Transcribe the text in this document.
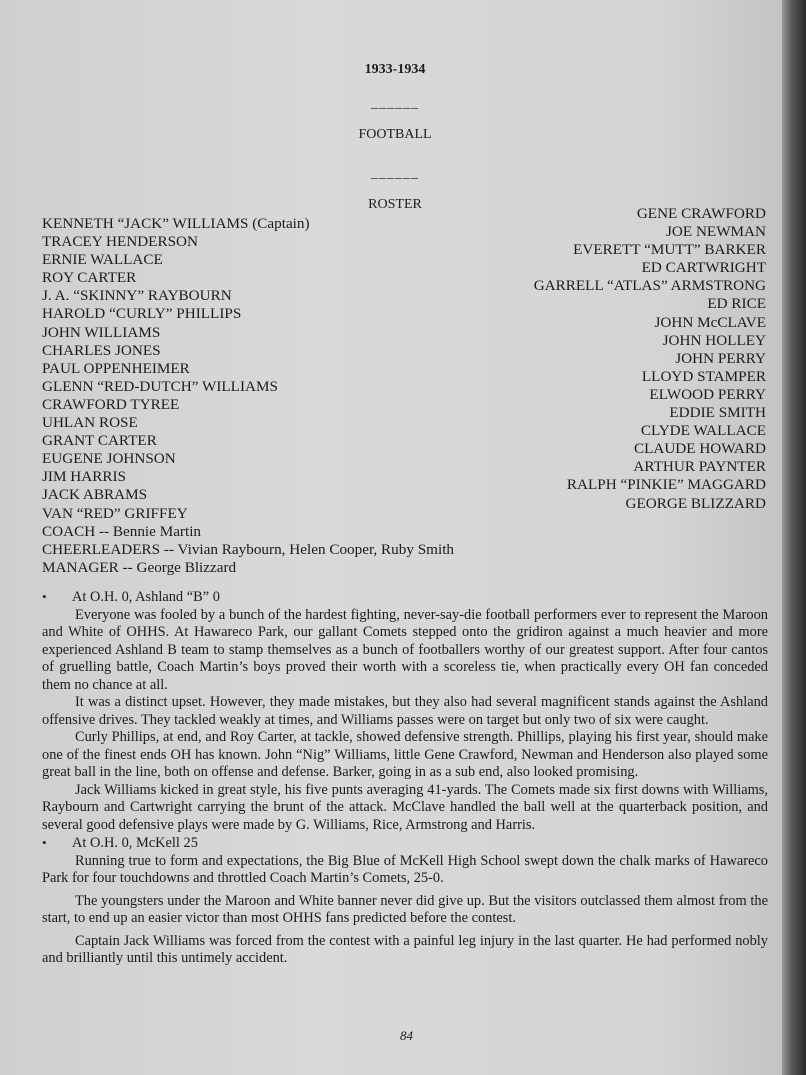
1933-1934
______
FOOTBALL
______
ROSTER
KENNETH “JACK” WILLIAMS (Captain)
TRACEY HENDERSON
ERNIE WALLACE
ROY CARTER
J. A. “SKINNY” RAYBOURN
HAROLD “CURLY” PHILLIPS
JOHN WILLIAMS
CHARLES JONES
PAUL OPPENHEIMER
GLENN “RED-DUTCH” WILLIAMS
CRAWFORD TYREE
UHLAN ROSE
GRANT CARTER
EUGENE JOHNSON
JIM HARRIS
JACK ABRAMS
VAN “RED” GRIFFEY
COACH -- Bennie Martin
CHEERLEADERS -- Vivian Raybourn, Helen Cooper, Ruby Smith
MANAGER -- George Blizzard
GENE CRAWFORD
JOE NEWMAN
EVERETT “MUTT” BARKER
ED CARTWRIGHT
GARRELL “ATLAS” ARMSTRONG
ED RICE
JOHN McCLAVE
JOHN HOLLEY
JOHN PERRY
LLOYD STAMPER
ELWOOD PERRY
EDDIE SMITH
CLYDE WALLACE
CLAUDE HOWARD
ARTHUR PAYNTER
RALPH “PINKIE” MAGGARD
GEORGE BLIZZARD
• At O.H. 0, Ashland “B” 0

Everyone was fooled by a bunch of the hardest fighting, never-say-die football performers ever to represent the Maroon and White of OHHS. At Hawareco Park, our gallant Comets stepped onto the gridiron against a much heavier and more experienced Ashland B team to stamp themselves as a bunch of footballers worthy of our greatest support. After four cantos of gruelling battle, Coach Martin’s boys proved their worth with a scoreless tie, when practically every OH fan conceded them no chance at all.

It was a distinct upset. However, they made mistakes, but they also had several magnificent stands against the Ashland offensive drives. They tackled weakly at times, and Williams passes were on target but only two of six were caught.

Curly Phillips, at end, and Roy Carter, at tackle, showed defensive strength. Phillips, playing his first year, should make one of the finest ends OH has known. John “Nig” Williams, little Gene Crawford, Newman and Henderson also played some great ball in the line, both on offense and defense. Barker, going in as a sub end, also looked promising.

Jack Williams kicked in great style, his five punts averaging 41-yards. The Comets made six first downs with Williams, Raybourn and Cartwright carrying the brunt of the attack. McClave handled the ball well at the quarterback position, and several good defensive plays were made by G. Williams, Rice, Armstrong and Harris.

• At O.H. 0, McKell 25

Running true to form and expectations, the Big Blue of McKell High School swept down the chalk marks of Hawareco Park for four touchdowns and throttled Coach Martin’s Comets, 25-0.

The youngsters under the Maroon and White banner never did give up. But the visitors outclassed them almost from the start, to end up an easier victor than most OHHS fans predicted before the contest.

Captain Jack Williams was forced from the contest with a painful leg injury in the last quarter. He had performed nobly and brilliantly until this untimely accident.

84
